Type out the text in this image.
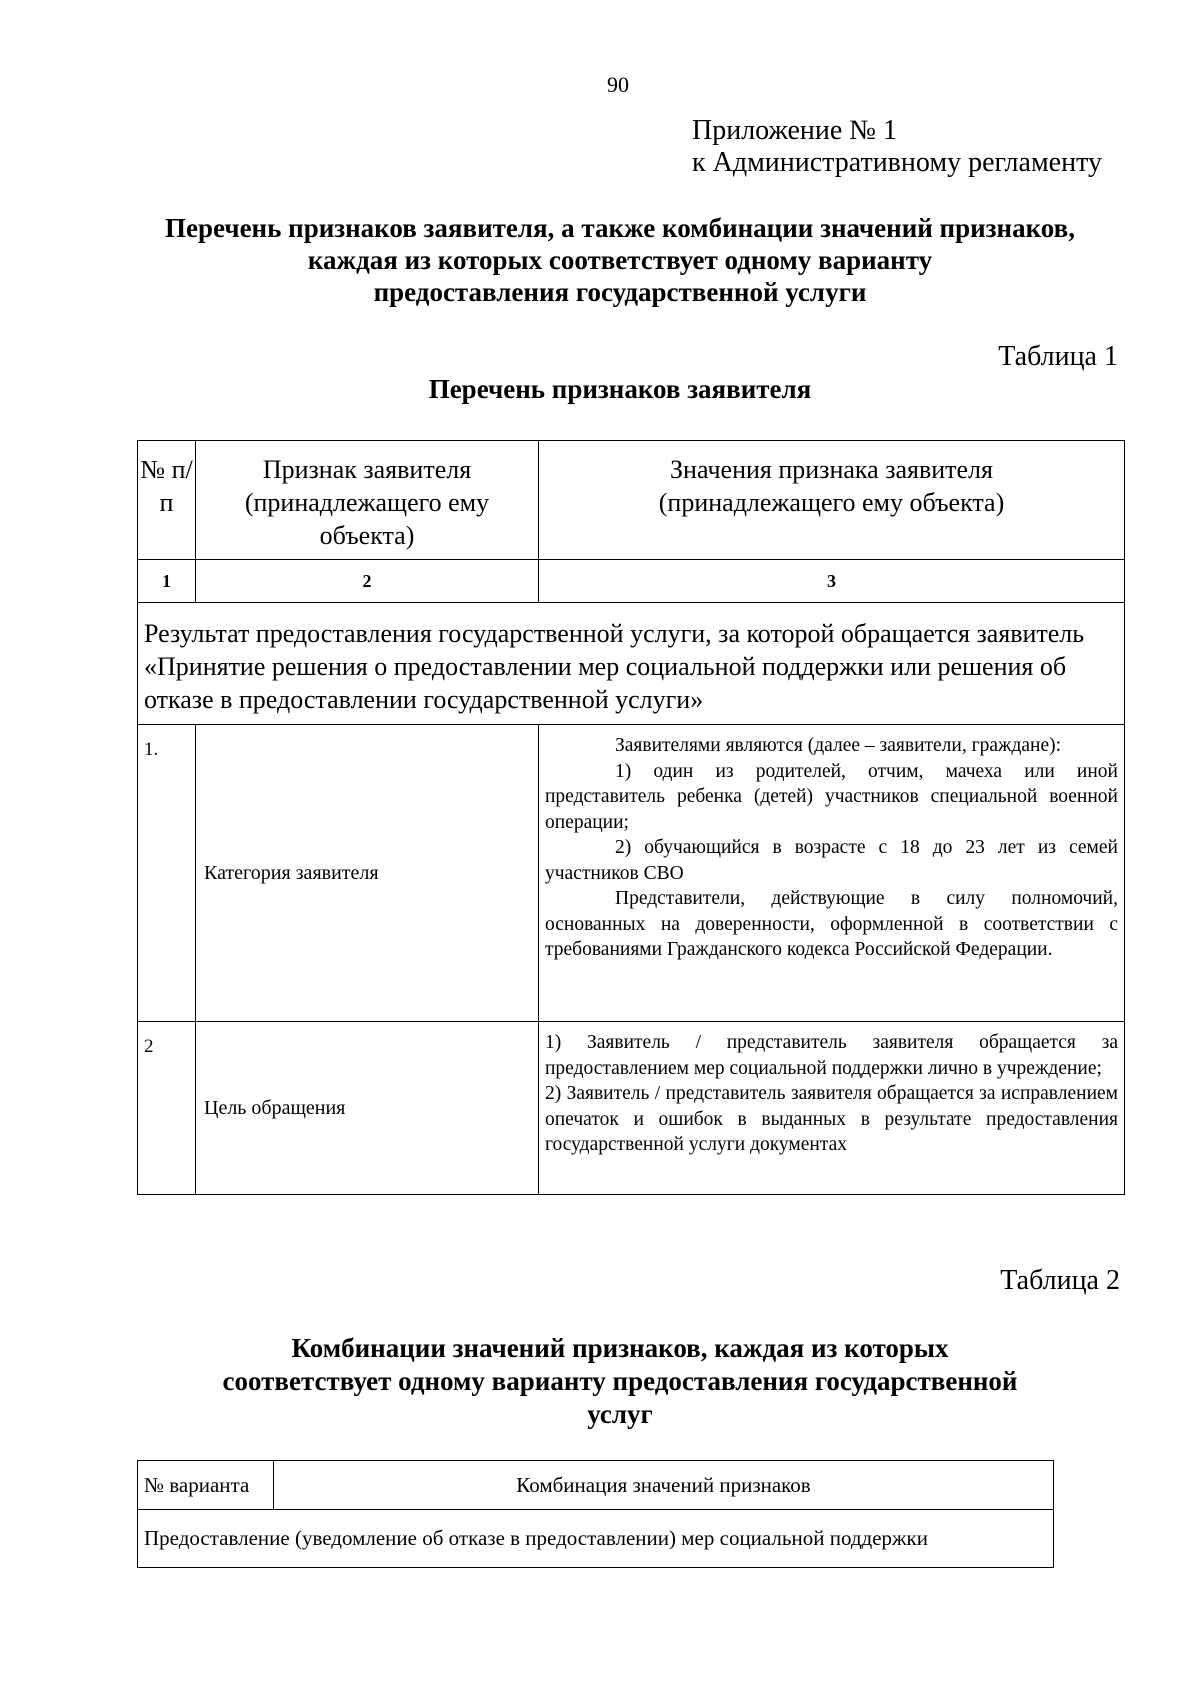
90
Приложение № 1
к Административному регламенту
Перечень признаков заявителя, а также комбинации значений признаков,
каждая из которых соответствует одному варианту
предоставления государственной услуги
Таблица 1
Перечень признаков заявителя
№ п/п	Признак заявителя (принадлежащего ему объекта)	Значения признака заявителя (принадлежащего ему объекта)
1	2	3
Результат предоставления государственной услуги, за которой обращается заявитель «Принятие решения о предоставлении мер социальной поддержки или решения об отказе в предоставлении государственной услуги»		
1.	Категория заявителя	Заявителями являются (далее – заявители, граждане):

1) один из родителей, отчим, мачеха или иной представитель ребенка (детей) участников специальной военной операции;

2) обучающийся в возрасте с 18 до 23 лет из семей участников СВО

Представители, действующие в силу полномочий, основанных на доверенности, оформленной в соответствии с требованиями Гражданского кодекса Российской Федерации.

2	Цель обращения	1) Заявитель / представитель заявителя обращается за предоставлением мер социальной поддержки лично в учреждение;

2) Заявитель / представитель заявителя обращается за исправлением опечаток и ошибок в выданных в результате предоставления государственной услуги документах

Таблица 2
Комбинации значений признаков, каждая из которых
соответствует одному варианту предоставления государственной
услуг
№ варианта	Комбинация значений признаков
Предоставление (уведомление об отказе в предоставлении) мер социальной поддержки
